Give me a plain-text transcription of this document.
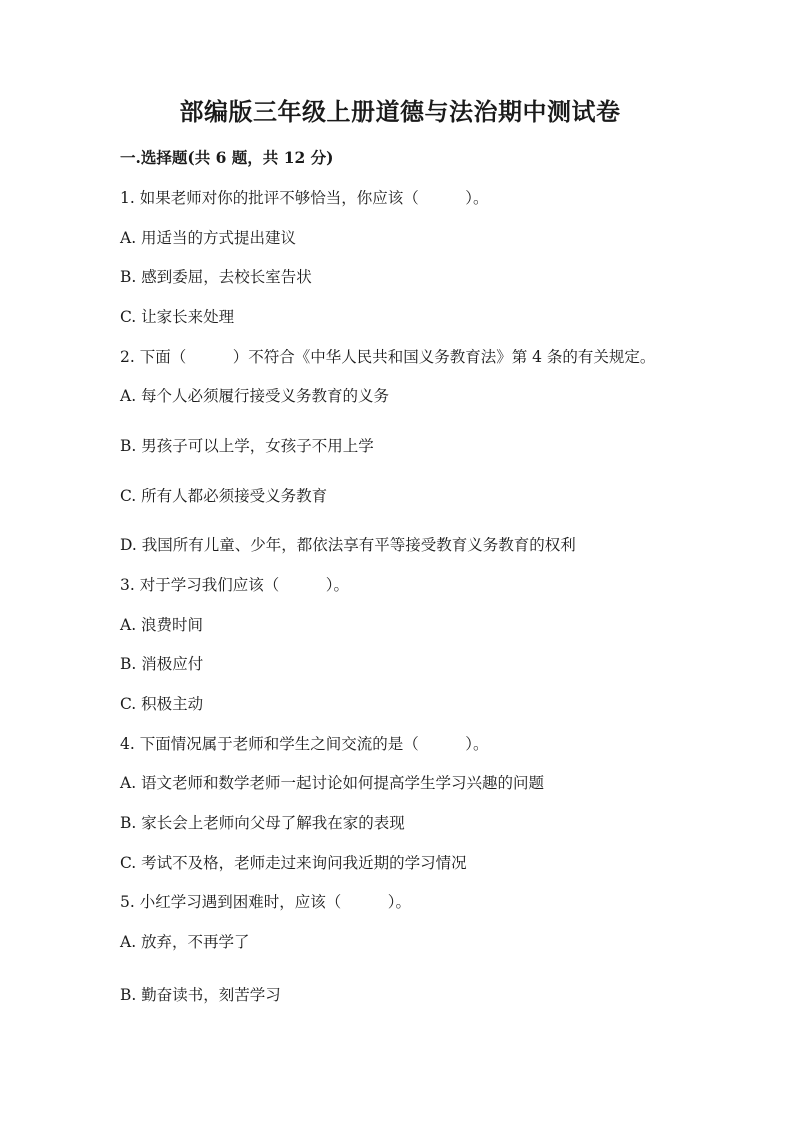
部编版三年级上册道德与法治期中测试卷
一.选择题(共 6 题，共 12 分)
1. 如果老师对你的批评不够恰当，你应该（　　　）。
A. 用适当的方式提出建议
B. 感到委屈，去校长室告状
C. 让家长来处理
2. 下面（　　　）不符合《中华人民共和国义务教育法》第 4 条的有关规定。
A. 每个人必须履行接受义务教育的义务
B. 男孩子可以上学，女孩子不用上学
C. 所有人都必须接受义务教育
D. 我国所有儿童、少年，都依法享有平等接受教育义务教育的权利
3. 对于学习我们应该（　　　）。
A. 浪费时间
B. 消极应付
C. 积极主动
4. 下面情况属于老师和学生之间交流的是（　　　）。
A. 语文老师和数学老师一起讨论如何提高学生学习兴趣的问题
B. 家长会上老师向父母了解我在家的表现
C. 考试不及格，老师走过来询问我近期的学习情况
5. 小红学习遇到困难时，应该（　　　）。
A. 放弃，不再学了
B. 勤奋读书，刻苦学习
